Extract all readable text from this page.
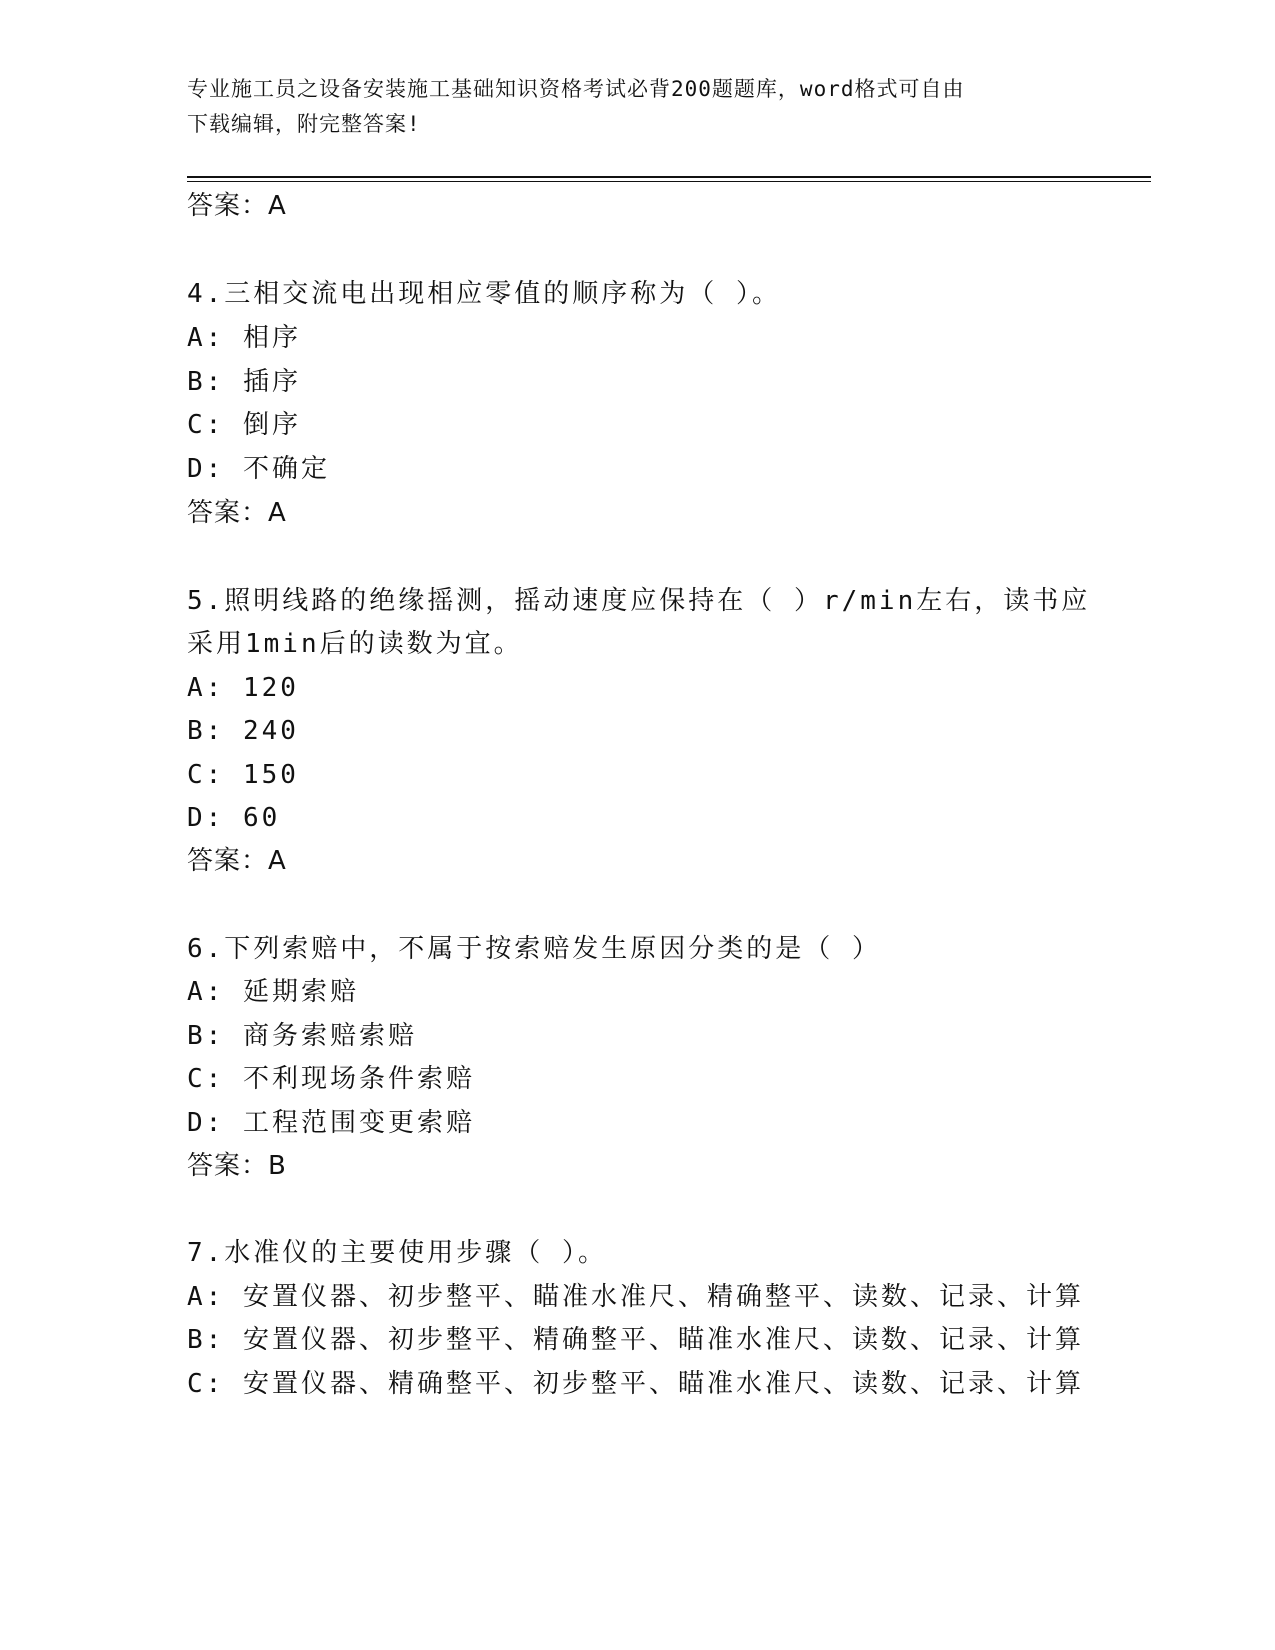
专业施工员之设备安装施工基础知识资格考试必背200题题库，word格式可自由
下载编辑，附完整答案!
答案：A
4.三相交流电出现相应零值的顺序称为（ ）。
A: 相序
B: 插序
C: 倒序
D: 不确定
答案：A
5.照明线路的绝缘摇测，摇动速度应保持在（ ）r/min左右，读书应
采用1min后的读数为宜。
A: 120
B: 240
C: 150
D: 60
答案：A
6.下列索赔中，不属于按索赔发生原因分类的是（ ）
A: 延期索赔
B: 商务索赔索赔
C: 不利现场条件索赔
D: 工程范围变更索赔
答案：B
7.水准仪的主要使用步骤（ ）。
A: 安置仪器、初步整平、瞄准水准尺、精确整平、读数、记录、计算
B: 安置仪器、初步整平、精确整平、瞄准水准尺、读数、记录、计算
C: 安置仪器、精确整平、初步整平、瞄准水准尺、读数、记录、计算
